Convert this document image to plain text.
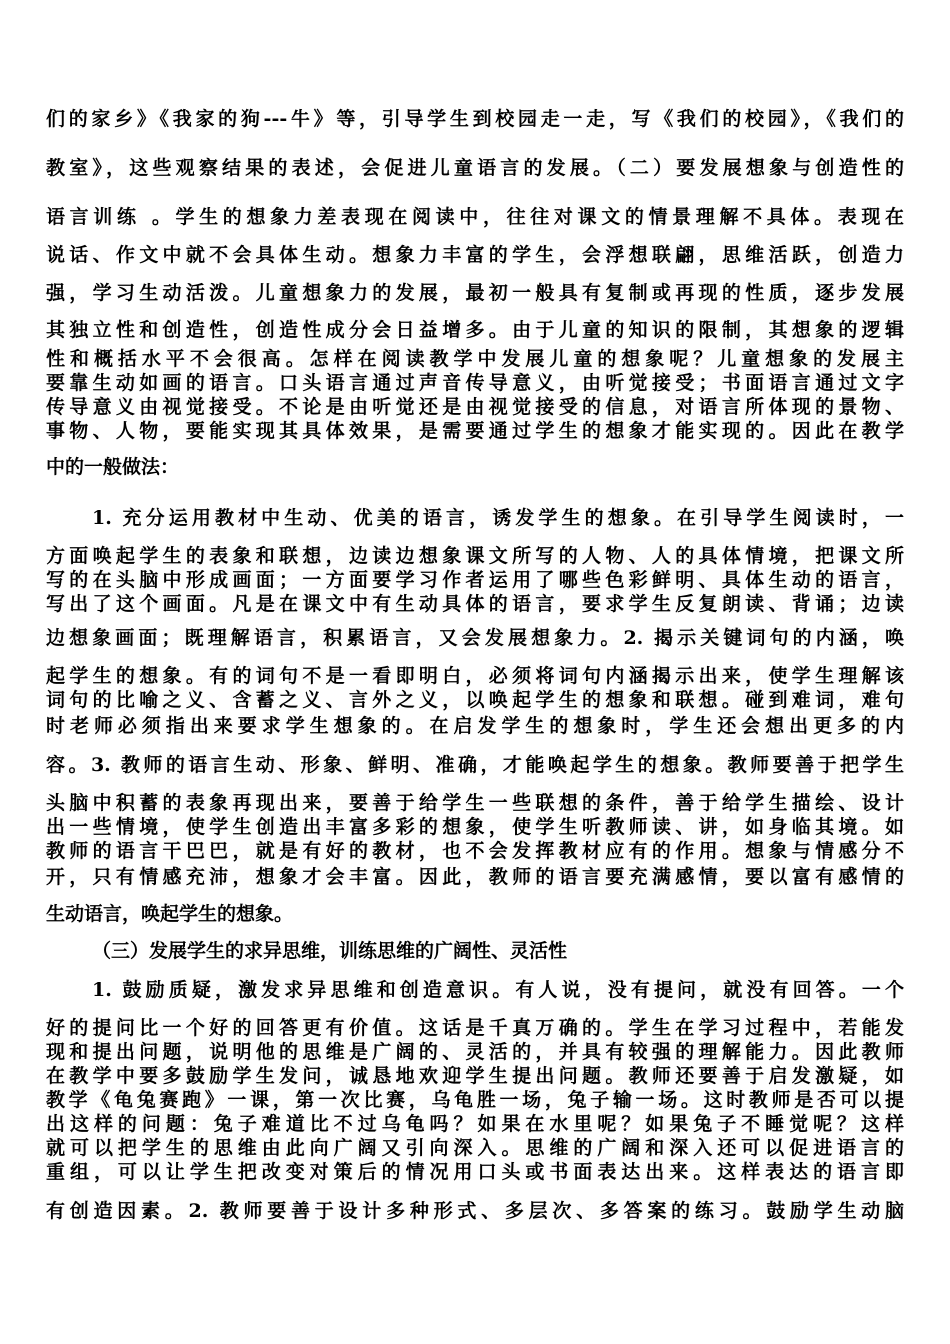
们的家乡》《我家的狗---牛》等，引导学生到校园走一走，写《我们的校园》，《我们的
教室》，这些观察结果的表述，会促进儿童语言的发展。（二）要发展想象与创造性的
语言训练 。学生的想象力差表现在阅读中，往往对课文的情景理解不具体。表现在
说话、作文中就不会具体生动。想象力丰富的学生，会浮想联翩，思维活跃，创造力
强，学习生动活泼。儿童想象力的发展，最初一般具有复制或再现的性质，逐步发展
其独立性和创造性，创造性成分会日益增多。由于儿童的知识的限制，其想象的逻辑
性和概括水平不会很高。怎样在阅读教学中发展儿童的想象呢？儿童想象的发展主
要靠生动如画的语言。口头语言通过声音传导意义，由听觉接受；书面语言通过文字
传导意义由视觉接受。不论是由听觉还是由视觉接受的信息，对语言所体现的景物、
事物、人物，要能实现其具体效果，是需要通过学生的想象才能实现的。因此在教学
中的一般做法：
1. 充分运用教材中生动、优美的语言，诱发学生的想象。在引导学生阅读时，一
方面唤起学生的表象和联想，边读边想象课文所写的人物、人的具体情境，把课文所
写的在头脑中形成画面；一方面要学习作者运用了哪些色彩鲜明、具体生动的语言，
写出了这个画面。凡是在课文中有生动具体的语言，要求学生反复朗读、背诵；边读
边想象画面；既理解语言，积累语言，又会发展想象力。2. 揭示关键词句的内涵，唤
起学生的想象。有的词句不是一看即明白，必须将词句内涵揭示出来，使学生理解该
词句的比喻之义、含蓄之义、言外之义，以唤起学生的想象和联想。碰到难词，难句
时老师必须指出来要求学生想象的。在启发学生的想象时，学生还会想出更多的内
容。3. 教师的语言生动、形象、鲜明、准确，才能唤起学生的想象。教师要善于把学生
头脑中积蓄的表象再现出来，要善于给学生一些联想的条件，善于给学生描绘、设计
出一些情境，使学生创造出丰富多彩的想象，使学生听教师读、讲，如身临其境。如
教师的语言干巴巴，就是有好的教材，也不会发挥教材应有的作用。想象与情感分不
开，只有情感充沛，想象才会丰富。因此，教师的语言要充满感情，要以富有感情的
生动语言，唤起学生的想象。
（三）发展学生的求异思维，训练思维的广阔性、灵活性
1. 鼓励质疑，激发求异思维和创造意识。有人说，没有提问，就没有回答。一个
好的提问比一个好的回答更有价值。这话是千真万确的。学生在学习过程中，若能发
现和提出问题，说明他的思维是广阔的、灵活的，并具有较强的理解能力。因此教师
在教学中要多鼓励学生发问，诚恳地欢迎学生提出问题。教师还要善于启发激疑，如
教学《龟兔赛跑》一课，第一次比赛，乌龟胜一场，兔子输一场。这时教师是否可以提
出这样的问题：兔子难道比不过乌龟吗？如果在水里呢？如果兔子不睡觉呢？这样
就可以把学生的思维由此向广阔又引向深入。思维的广阔和深入还可以促进语言的
重组，可以让学生把改变对策后的情况用口头或书面表达出来。这样表达的语言即
有创造因素。2. 教师要善于设计多种形式、多层次、多答案的练习。鼓励学生动脑
